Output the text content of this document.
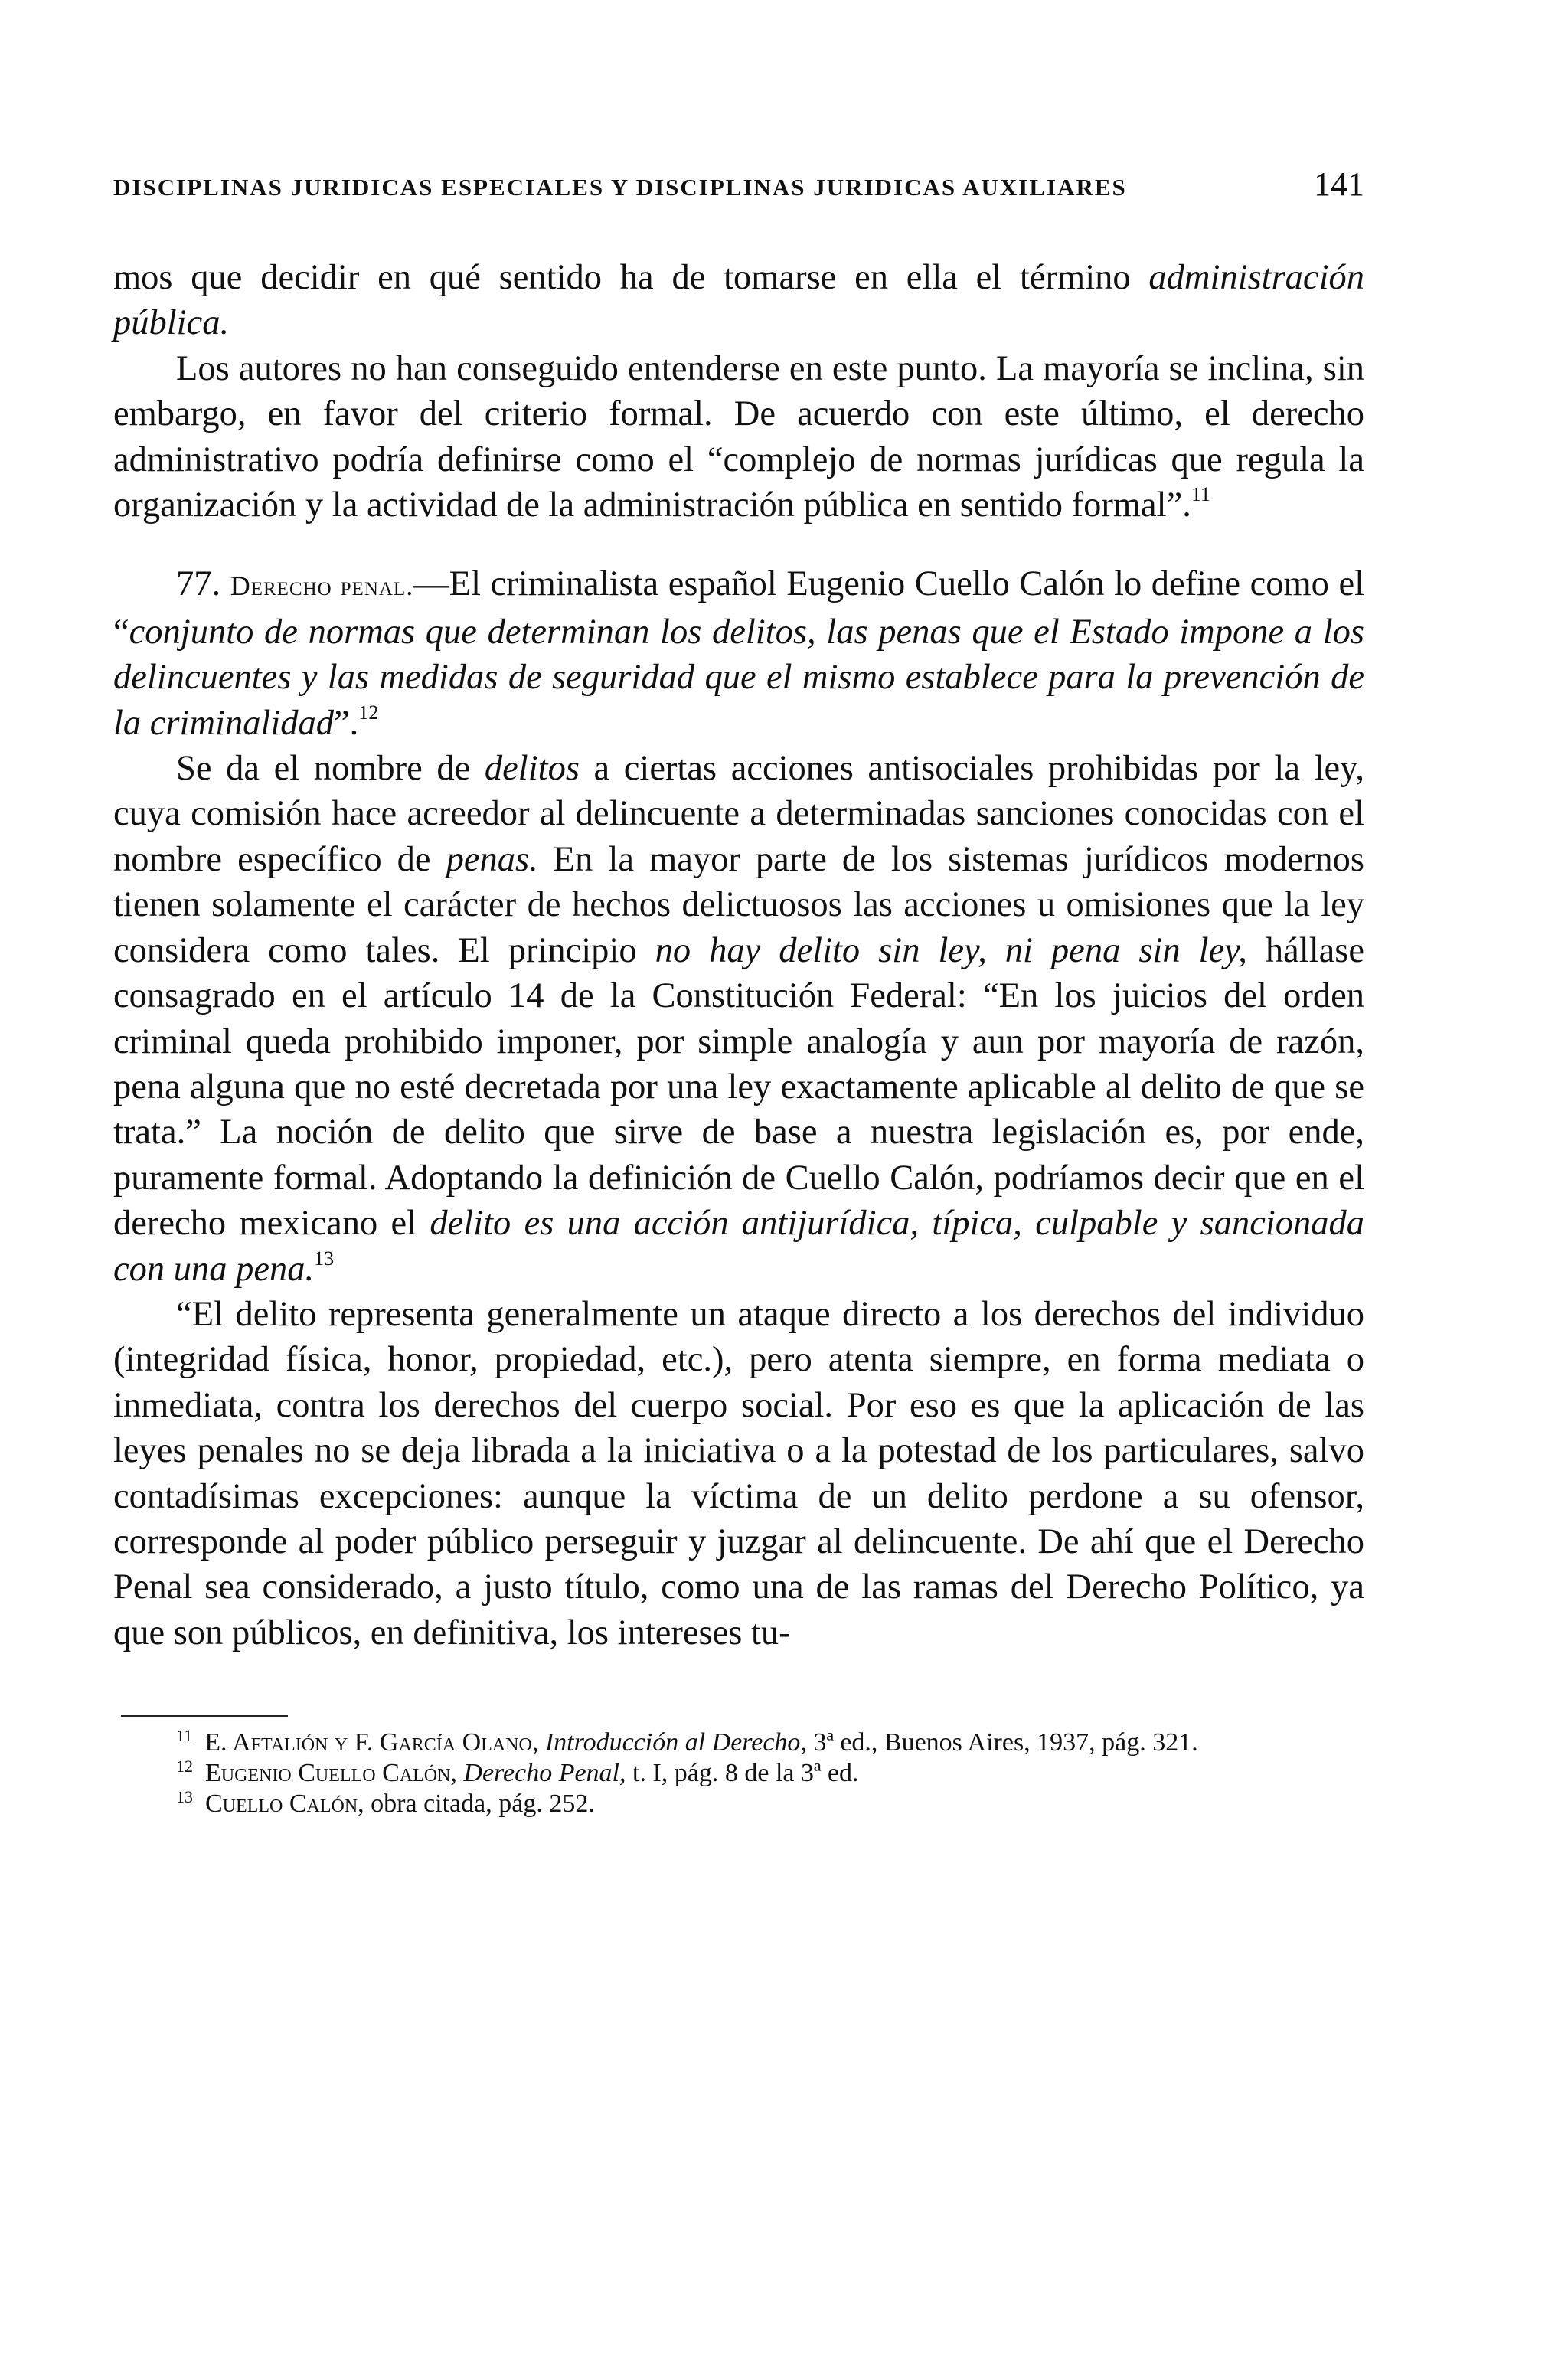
DISCIPLINAS JURIDICAS ESPECIALES Y DISCIPLINAS JURIDICAS AUXILIARES	141

mos que decidir en qué sentido ha de tomarse en ella el término administración pública.

Los autores no han conseguido entenderse en este punto. La mayoría se inclina, sin embargo, en favor del criterio formal. De acuerdo con este último, el derecho administrativo podría definirse como el “complejo de normas jurídicas que regula la organización y la actividad de la administración pública en sentido formal”.$^{11}$

77. Derecho penal.—El criminalista español Eugenio Cuello Calón lo define como el “conjunto de normas que determinan los delitos, las penas que el Estado impone a los delincuentes y las medidas de seguridad que el mismo establece para la prevención de la criminalidad”.$^{12}$

Se da el nombre de delitos a ciertas acciones antisociales prohibidas por la ley, cuya comisión hace acreedor al delincuente a determinadas sanciones conocidas con el nombre específico de penas. En la mayor parte de los sistemas jurídicos modernos tienen solamente el carácter de hechos delictuosos las acciones u omisiones que la ley considera como tales. El principio no hay delito sin ley, ni pena sin ley, hállase consagrado en el artículo 14 de la Constitución Federal: “En los juicios del orden criminal queda prohibido imponer, por simple analogía y aun por mayoría de razón, pena alguna que no esté decretada por una ley exactamente aplicable al delito de que se trata.” La noción de delito que sirve de base a nuestra legislación es, por ende, puramente formal. Adoptando la definición de Cuello Calón, podríamos decir que en el derecho mexicano el delito es una acción antijurídica, típica, culpable y sancionada con una pena.$^{13}$

“El delito representa generalmente un ataque directo a los derechos del individuo (integridad física, honor, propiedad, etc.), pero atenta siempre, en forma mediata o inmediata, contra los derechos del cuerpo social. Por eso es que la aplicación de las leyes penales no se deja librada a la iniciativa o a la potestad de los particulares, salvo contadísimas excepciones: aunque la víctima de un delito perdone a su ofensor, corresponde al poder público perseguir y juzgar al delincuente. De ahí que el Derecho Penal sea considerado, a justo título, como una de las ramas del Derecho Político, ya que son públicos, en definitiva, los intereses tu-

$^{11}$ E. Aftalión y F. García Olano, Introducción al Derecho, 3ª ed., Buenos Aires, 1937, pág. 321.

$^{12}$ Eugenio Cuello Calón, Derecho Penal, t. I, pág. 8 de la 3ª ed.

$^{13}$ Cuello Calón, obra citada, pág. 252.
